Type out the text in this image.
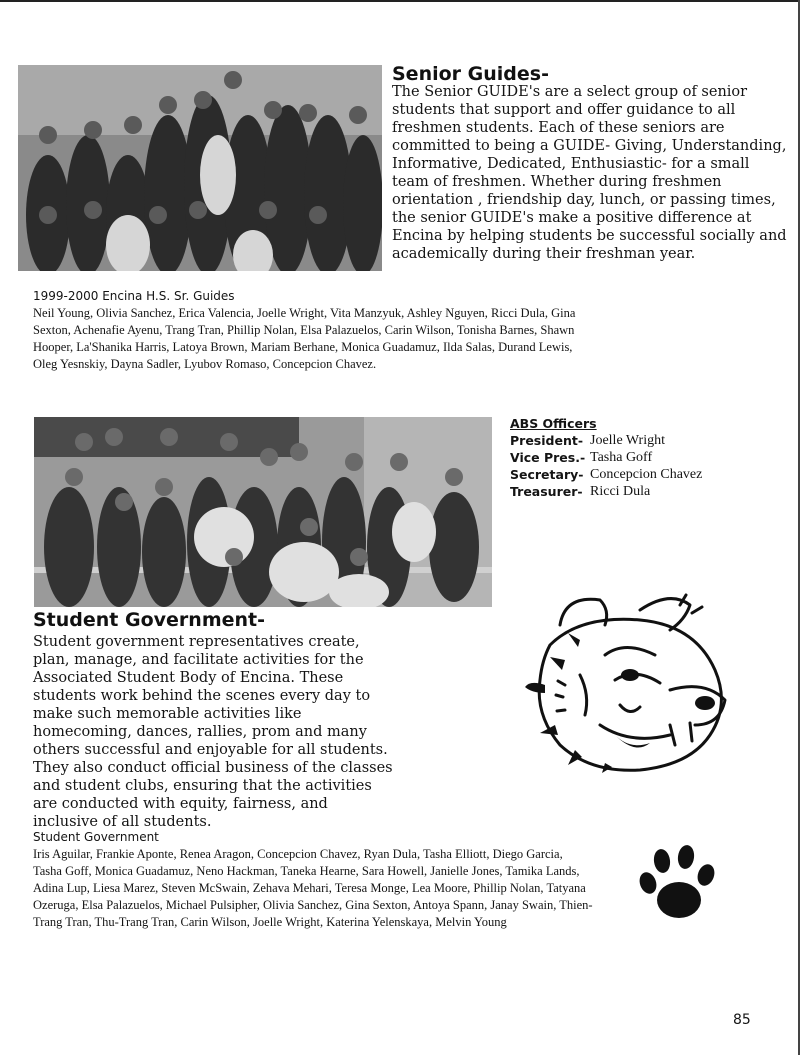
Senior Guides-
The Senior GUIDE's are a select group of senior students that support and offer guidance to all freshmen students. Each of these seniors are committed to being a GUIDE- Giving, Understanding, Informative, Dedicated, Enthusiastic- for a small team of freshmen. Whether during freshmen orientation , friendship day, lunch, or passing times, the senior GUIDE's make a positive difference at Encina by helping students be successful socially and academically during their freshman year.
1999-2000 Encina H.S. Sr. Guides
Neil Young, Olivia Sanchez, Erica Valencia, Joelle Wright, Vita Manzyuk, Ashley Nguyen, Ricci Dula, Gina Sexton, Achenafie Ayenu, Trang Tran, Phillip Nolan, Elsa Palazuelos, Carin Wilson, Tonisha Barnes, Shawn Hooper, La'Shanika Harris, Latoya Brown, Mariam Berhane, Monica Guadamuz, Ilda Salas, Durand Lewis, Oleg Yesnskiy, Dayna Sadler, Lyubov Romaso, Concepcion Chavez.
ABS Officers
President- Joelle Wright
Vice Pres.- Tasha Goff
Secretary- Concepcion Chavez
Treasurer- Ricci Dula
Student Government-
Student government representatives create, plan, manage, and facilitate activities for the Associated Student Body of Encina. These students work behind the scenes every day to make such memorable activities like homecoming, dances, rallies, prom and many others successful and enjoyable for all students. They also conduct official business of the classes and student clubs, ensuring that the activities are conducted with equity, fairness, and inclusive of all students.
Student Government
Iris Aguilar, Frankie Aponte, Renea Aragon, Concepcion Chavez, Ryan Dula, Tasha Elliott, Diego Garcia, Tasha Goff, Monica Guadamuz, Neno Hackman, Taneka Hearne, Sara Howell, Janielle Jones, Tamika Lands, Adina Lup, Liesa Marez, Steven McSwain, Zehava Mehari, Teresa Monge, Lea Moore, Phillip Nolan, Tatyana Ozeruga, Elsa Palazuelos, Michael Pulsipher, Olivia Sanchez, Gina Sexton, Antoya Spann, Janay Swain, Thien-Trang Tran, Thu-Trang Tran, Carin Wilson, Joelle Wright, Katerina Yelenskaya, Melvin Young
85
